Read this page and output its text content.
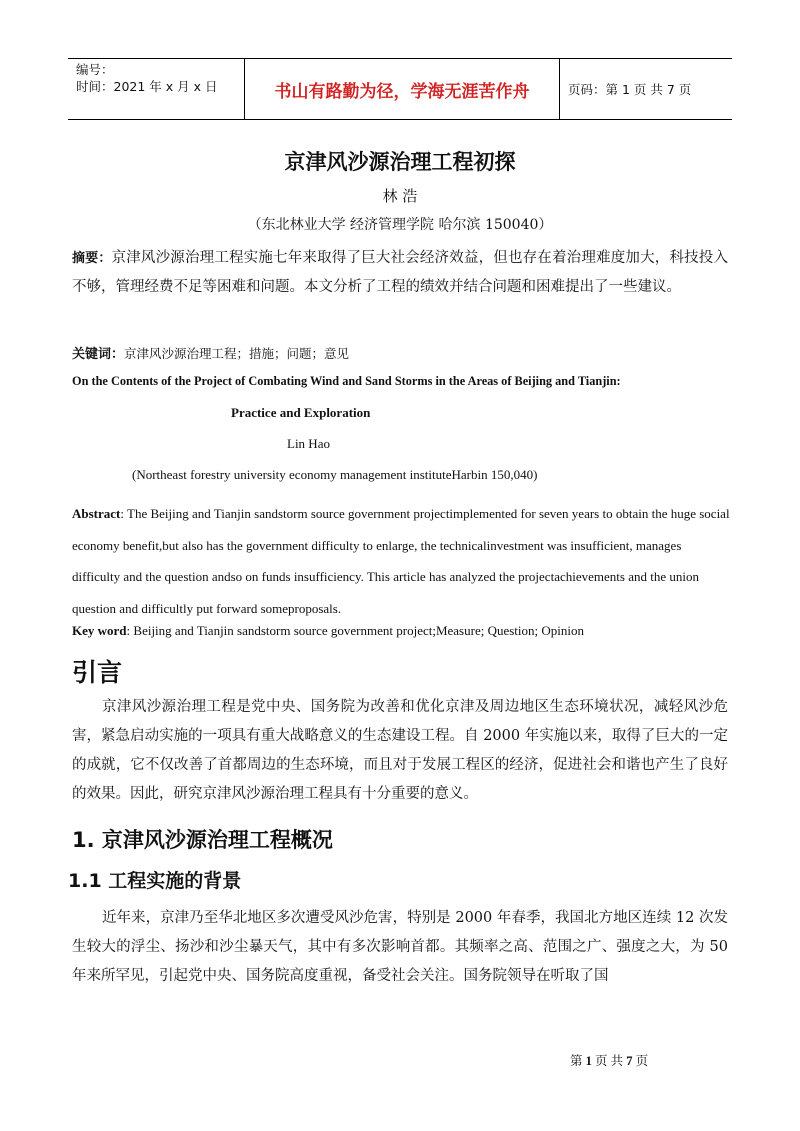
编号：
时间：2021 年 x 月 x 日	书山有路勤为径，学海无涯苦作舟	页码：第 1 页 共 7 页
京津风沙源治理工程初探
林 浩
（东北林业大学 经济管理学院 哈尔滨 150040）
摘要：京津风沙源治理工程实施七年来取得了巨大社会经济效益，但也存在着治理难度加大，科技投入不够，管理经费不足等困难和问题。本文分析了工程的绩效并结合问题和困难提出了一些建议。
关键词：京津风沙源治理工程；措施；问题；意见
On the Contents of the Project of Combating Wind and Sand Storms in the Areas of Beijing and Tianjin:
Practice and Exploration
Lin Hao
(Northeast forestry university economy management instituteHarbin 150,040)
Abstract: The Beijing and Tianjin sandstorm source government projectimplemented for seven years to obtain the huge social economy benefit,but also has the government difficulty to enlarge, the technicalinvestment was insufficient, manages difficulty and the question andso on funds insufficiency. This article has analyzed the projectachievements and the union question and difficultly put forward someproposals.
Key word: Beijing and Tianjin sandstorm source government project;Measure; Question; Opinion
引言
京津风沙源治理工程是党中央、国务院为改善和优化京津及周边地区生态环境状况，减轻风沙危害，紧急启动实施的一项具有重大战略意义的生态建设工程。自 2000 年实施以来，取得了巨大的一定的成就，它不仅改善了首都周边的生态环境，而且对于发展工程区的经济，促进社会和谐也产生了良好的效果。因此，研究京津风沙源治理工程具有十分重要的意义。
1. 京津风沙源治理工程概况
1.1 工程实施的背景
近年来，京津乃至华北地区多次遭受风沙危害，特别是 2000 年春季，我国北方地区连续 12 次发生较大的浮尘、扬沙和沙尘暴天气，其中有多次影响首都。其频率之高、范围之广、强度之大，为 50 年来所罕见，引起党中央、国务院高度重视，备受社会关注。国务院领导在听取了国
第 1 页 共 7 页
